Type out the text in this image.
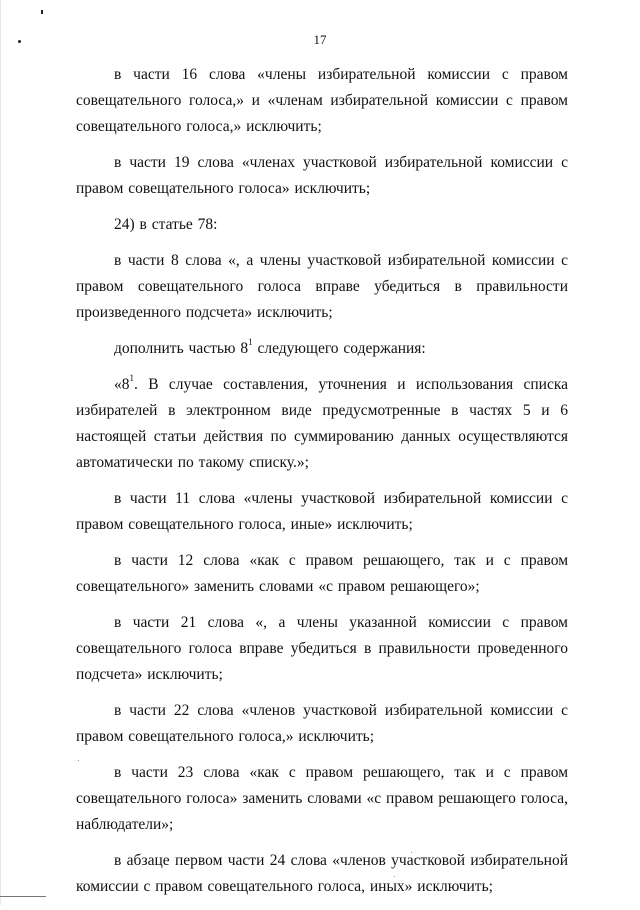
17

в части 16 слова «члены избирательной комиссии с правом совещательного голоса,» и «членам избирательной комиссии с правом совещательного голоса,» исключить;

в части 19 слова «членах участковой избирательной комиссии с правом совещательного голоса» исключить;

24) в статье 78:

в части 8 слова «, а члены участковой избирательной комиссии с правом совещательного голоса вправе убедиться в правильности произведенного подсчета» исключить;

дополнить частью $8^1$ следующего содержания:

«$8^1$. В случае составления, уточнения и использования списка избирателей в электронном виде предусмотренные в частях 5 и 6 настоящей статьи действия по суммированию данных осуществляются автоматически по такому списку.»;

в части 11 слова «члены участковой избирательной комиссии с правом совещательного голоса, иные» исключить;

в части 12 слова «как с правом решающего, так и с правом совещательного» заменить словами «с правом решающего»;

в части 21 слова «, а члены указанной комиссии с правом совещательного голоса вправе убедиться в правильности проведенного подсчета» исключить;

в части 22 слова «членов участковой избирательной комиссии с правом совещательного голоса,» исключить;

в части 23 слова «как с правом решающего, так и с правом совещательного голоса» заменить словами «с правом решающего голоса, наблюдатели»;

в абзаце первом части 24 слова «членов участковой избирательной комиссии с правом совещательного голоса, иных» исключить;
